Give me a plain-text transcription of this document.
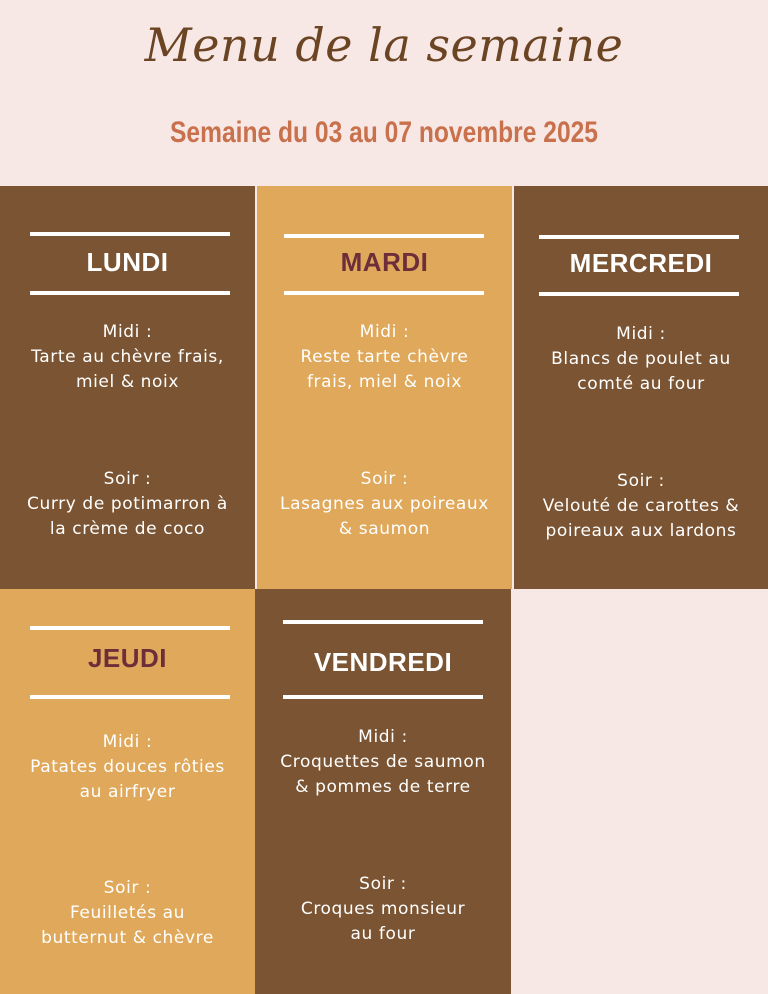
Menu de la semaine
Semaine du 03 au 07 novembre 2025
LUNDI
Midi :
Tarte au chèvre frais,
miel & noix
Soir :
Curry de potimarron à
la crème de coco
MARDI
Midi :
Reste tarte chèvre
frais, miel & noix
Soir :
Lasagnes aux poireaux
& saumon
MERCREDI
Midi :
Blancs de poulet au
comté au four
Soir :
Velouté de carottes &
poireaux aux lardons
JEUDI
Midi :
Patates douces rôties
au airfryer
Soir :
Feuilletés au
butternut & chèvre
VENDREDI
Midi :
Croquettes de saumon
& pommes de terre
Soir :
Croques monsieur
au four
